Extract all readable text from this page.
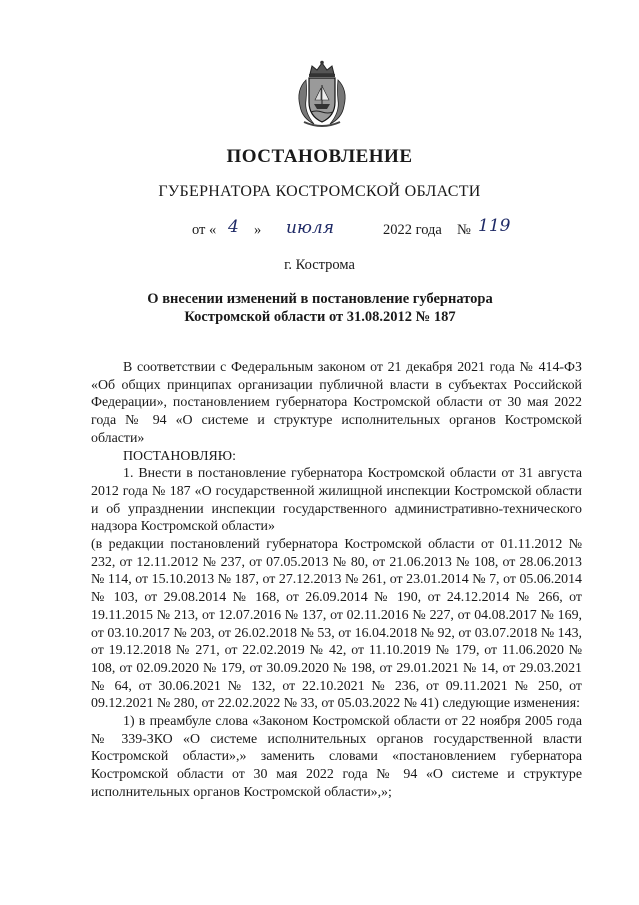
ПОСТАНОВЛЕНИЕ
ГУБЕРНАТОРА КОСТРОМСКОЙ ОБЛАСТИ
от « 4 » июля	2022 года № 119
г. Кострома
О внесении изменений в постановление губернатора
Костромской области от 31.08.2012 № 187

В соответствии с Федеральным законом от 21 декабря 2021 года № 414-ФЗ «Об общих принципах организации публичной власти в субъектах Российской Федерации», постановлением губернатора Костромской области от 30 мая 2022 года № 94 «О системе и структуре исполнительных органов Костромской области»

ПОСТАНОВЛЯЮ:

1. Внести в постановление губернатора Костромской области от 31 августа 2012 года № 187 «О государственной жилищной инспекции Костромской области и об упразднении инспекции государственного административно-технического надзора Костромской области»

(в редакции постановлений губернатора Костромской области от 01.11.2012 № 232, от 12.11.2012 № 237, от 07.05.2013 № 80, от 21.06.2013 № 108, от 28.06.2013 № 114, от 15.10.2013 № 187, от 27.12.2013 № 261, от 23.01.2014 № 7, от 05.06.2014 № 103, от 29.08.2014 № 168, от 26.09.2014 № 190, от 24.12.2014 № 266, от 19.11.2015 № 213, от 12.07.2016 № 137, от 02.11.2016 № 227, от 04.08.2017 № 169, от 03.10.2017 № 203, от 26.02.2018 № 53, от 16.04.2018 № 92, от 03.07.2018 № 143, от 19.12.2018 № 271, от 22.02.2019 № 42, от 11.10.2019 № 179, от 11.06.2020 № 108, от 02.09.2020 № 179, от 30.09.2020 № 198, от 29.01.2021 № 14, от 29.03.2021 № 64, от 30.06.2021 № 132, от 22.10.2021 № 236, от 09.11.2021 № 250, от 09.12.2021 № 280, от 22.02.2022 № 33, от 05.03.2022 № 41) следующие изменения:

1) в преамбуле слова «Законом Костромской области от 22 ноября 2005 года № 339-ЗКО «О системе исполнительных органов государственной власти Костромской области»,» заменить словами «постановлением губернатора Костромской области от 30 мая 2022 года № 94 «О системе и структуре исполнительных органов Костромской области»,»;
